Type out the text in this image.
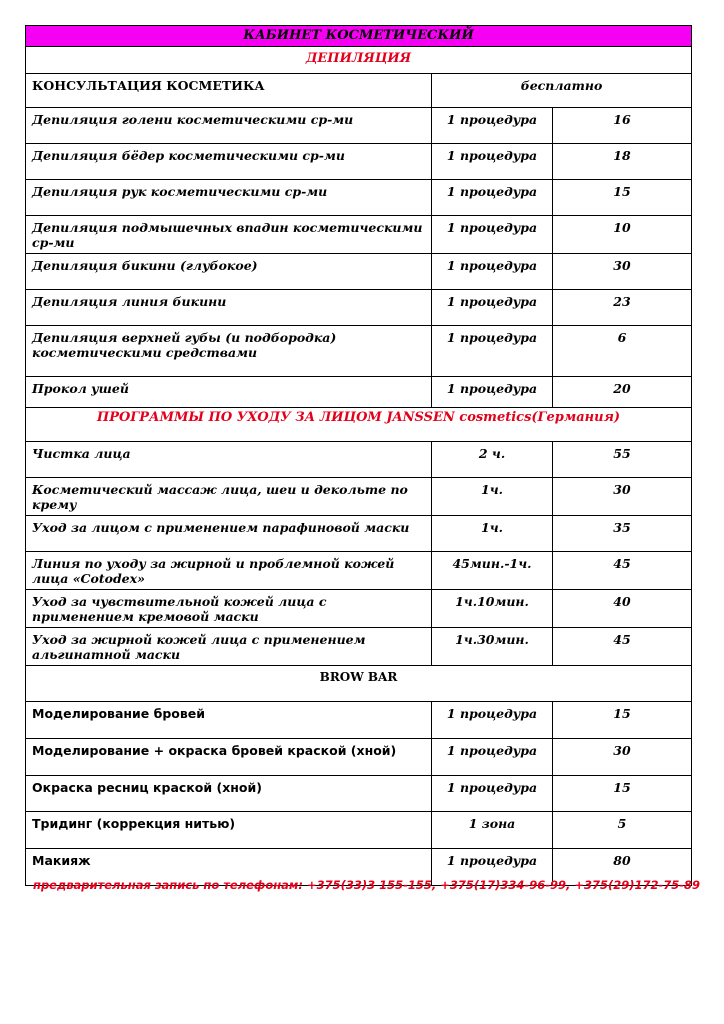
КАБИНЕТ КОСМЕТИЧЕСКИЙ		
ДЕПИЛЯЦИЯ		
КОНСУЛЬТАЦИЯ КОСМЕТИКА	бесплатно	
Депиляция голени косметическими ср-ми	1 процедура	16
Депиляция бёдер косметическими ср-ми	1 процедура	18
Депиляция рук косметическими ср-ми	1 процедура	15
Депиляция подмышечных впадин косметическими ср-ми	1 процедура	10
Депиляция бикини (глубокое)	1 процедура	30
Депиляция линия бикини	1 процедура	23
Депиляция верхней губы (и подбородка) косметическими средствами	1 процедура	6
Прокол ушей	1 процедура	20
ПРОГРАММЫ ПО УХОДУ ЗА ЛИЦОМ JANSSEN cosmetics(Германия)		
Чистка лица	2 ч.	55
Косметический массаж лица, шеи и декольте по крему	1ч.	30
Уход за лицом с применением парафиновой маски	1ч.	35
Линия по уходу за жирной и проблемной кожей лица «Cotodex»	45мин.-1ч.	45
Уход за чувствительной кожей лица с применением кремовой маски	1ч.10мин.	40
Уход за жирной кожей лица с применением альгинатной маски	1ч.30мин.	45
BROW BAR		
Моделирование бровей	1 процедура	15
Моделирование + окраска бровей краской (хной)	1 процедура	30
Окраска ресниц краской (хной)	1 процедура	15
Тридинг (коррекция нитью)	1 зона	5
Макияж	1 процедура	80
предварительная запись по телефонам: +375(33)3 155-155, +375(17)334-96-99, +375(29)172-75-89
